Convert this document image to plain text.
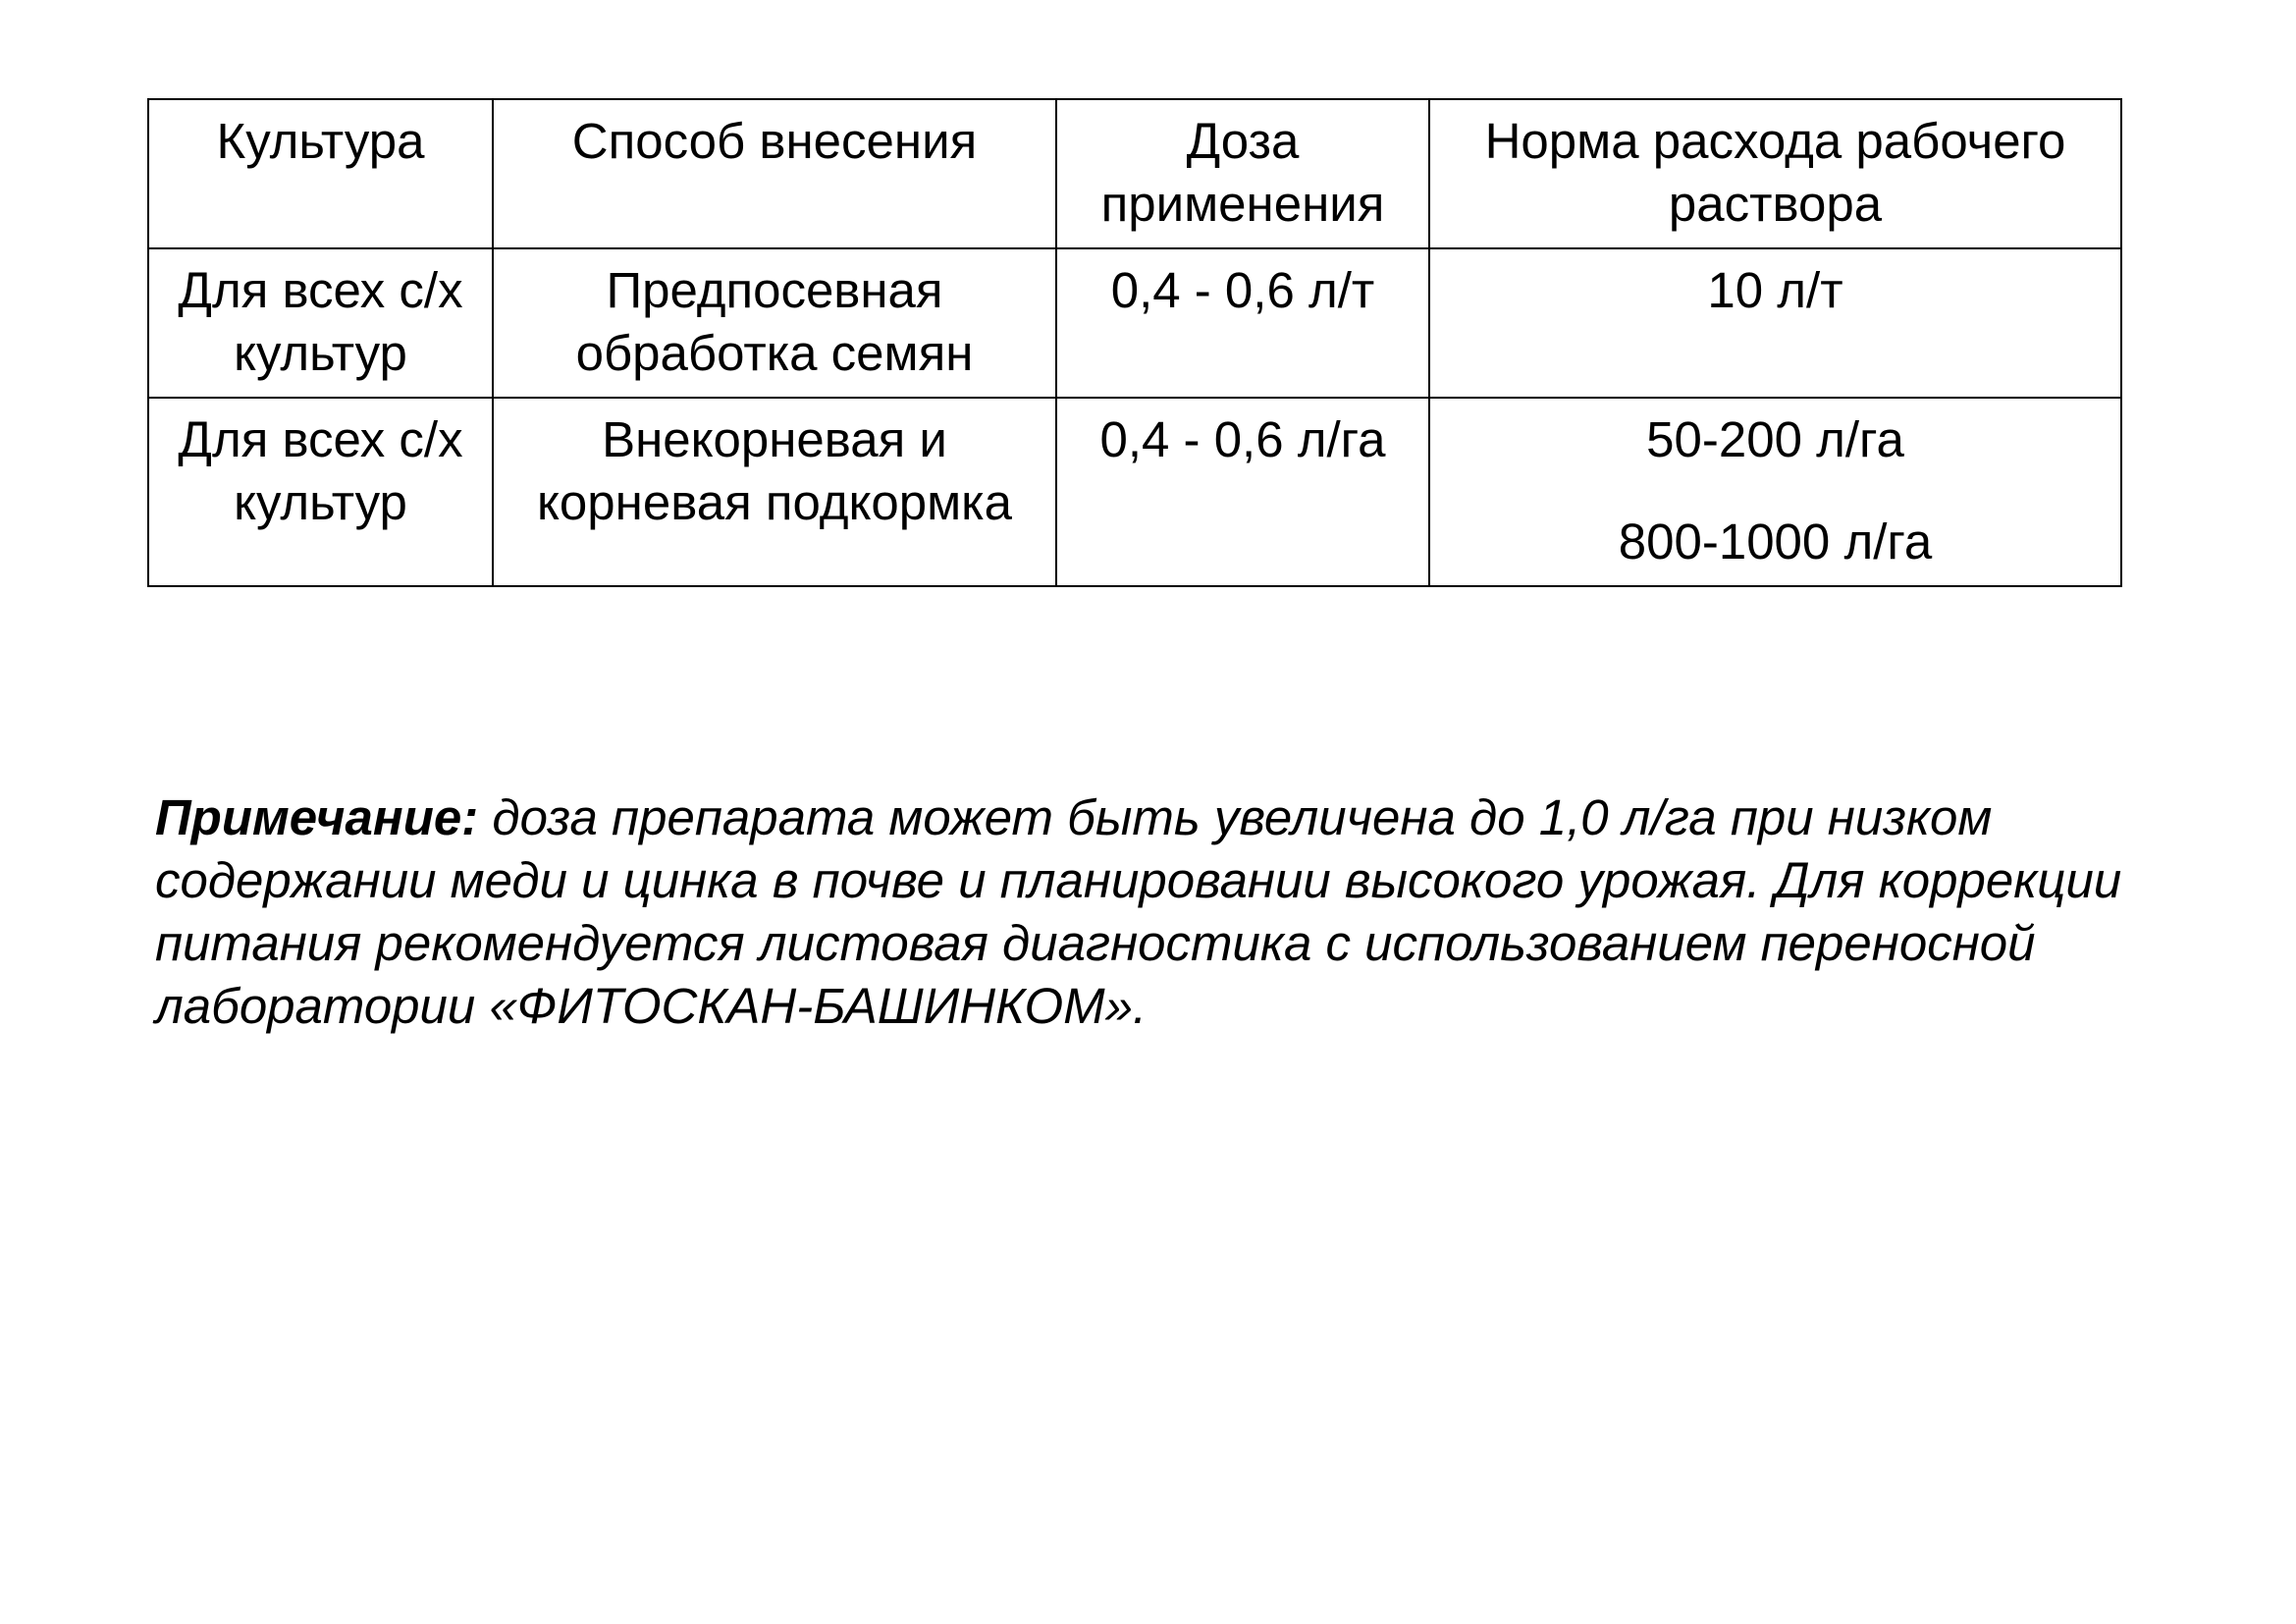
Культура	Способ внесения	Доза применения	Норма расхода рабочего раствора
Для всех с/х культур	Предпосевная обработка семян	0,4 - 0,6 л/т	10 л/т

Для всех с/х культур	Внекорневая и корневая подкормка	0,4 - 0,6 л/га	50-200 л/га
800-1000 л/га

Примечание: доза препарата может быть увеличена до 1,0 л/га при низком содержании меди и цинка в почве и планировании высокого урожая. Для коррекции питания рекомендуется листовая диагностика с использованием переносной лаборатории «ФИТОСКАН-БАШИНКОМ».
